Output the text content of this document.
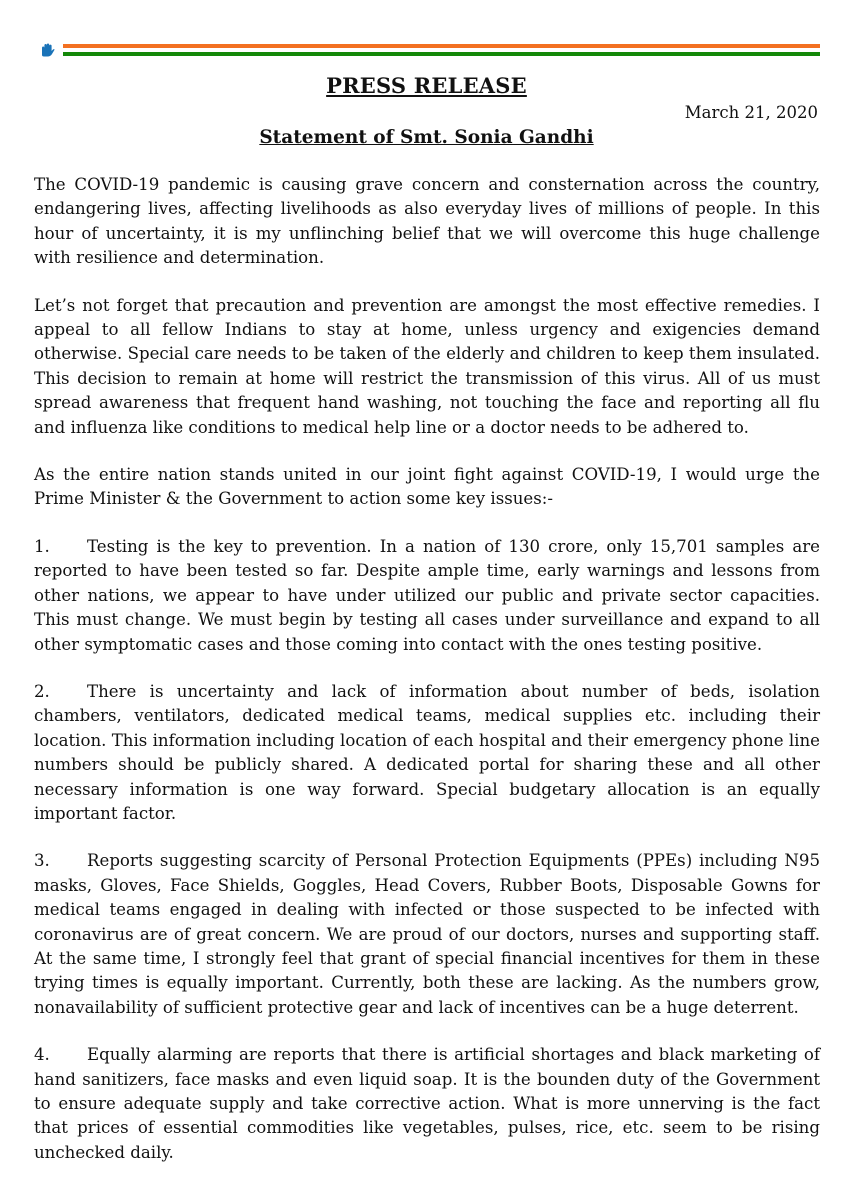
PRESS RELEASE

March 21, 2020

Statement of Smt. Sonia Gandhi

The COVID-19 pandemic is causing grave concern and consternation across the country, endangering lives, affecting livelihoods as also everyday lives of millions of people. In this hour of uncertainty, it is my unflinching belief that we will overcome this huge challenge with resilience and determination.

Let’s not forget that precaution and prevention are amongst the most effective remedies. I appeal to all fellow Indians to stay at home, unless urgency and exigencies demand otherwise. Special care needs to be taken of the elderly and children to keep them insulated. This decision to remain at home will restrict the transmission of this virus. All of us must spread awareness that frequent hand washing, not touching the face and reporting all flu and influenza like conditions to medical help line or a doctor needs to be adhered to.

As the entire nation stands united in our joint fight against COVID-19, I would urge the Prime Minister & the Government to action some key issues:-

1. Testing is the key to prevention. In a nation of 130 crore, only 15,701 samples are reported to have been tested so far. Despite ample time, early warnings and lessons from other nations, we appear to have under utilized our public and private sector capacities. This must change. We must begin by testing all cases under surveillance and expand to all other symptomatic cases and those coming into contact with the ones testing positive.

2. There is uncertainty and lack of information about number of beds, isolation chambers, ventilators, dedicated medical teams, medical supplies etc. including their location. This information including location of each hospital and their emergency phone line numbers should be publicly shared. A dedicated portal for sharing these and all other necessary information is one way forward. Special budgetary allocation is an equally important factor.

3. Reports suggesting scarcity of Personal Protection Equipments (PPEs) including N95 masks, Gloves, Face Shields, Goggles, Head Covers, Rubber Boots, Disposable Gowns for medical teams engaged in dealing with infected or those suspected to be infected with coronavirus are of great concern. We are proud of our doctors, nurses and supporting staff. At the same time, I strongly feel that grant of special financial incentives for them in these trying times is equally important. Currently, both these are lacking. As the numbers grow, nonavailability of sufficient protective gear and lack of incentives can be a huge deterrent.

4. Equally alarming are reports that there is artificial shortages and black marketing of hand sanitizers, face masks and even liquid soap. It is the bounden duty of the Government to ensure adequate supply and take corrective action. What is more unnerving is the fact that prices of essential commodities like vegetables, pulses, rice, etc. seem to be rising unchecked daily.
